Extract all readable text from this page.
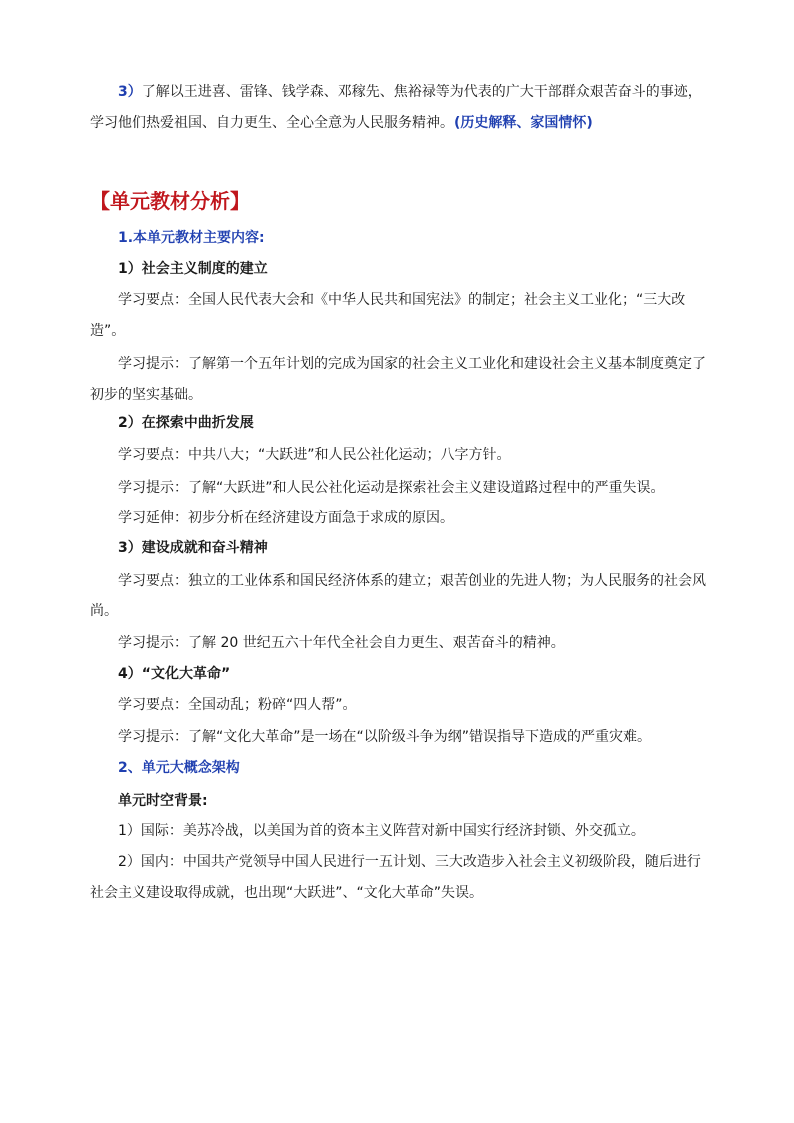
3）了解以王进喜、雷锋、钱学森、邓稼先、焦裕禄等为代表的广大干部群众艰苦奋斗的事迹，
学习他们热爱祖国、自力更生、全心全意为人民服务精神。(历史解释、家国情怀)
【单元教材分析】
1.本单元教材主要内容:
1）社会主义制度的建立
学习要点：全国人民代表大会和《中华人民共和国宪法》的制定；社会主义工业化；“三大改
造”。
学习提示：了解第一个五年计划的完成为国家的社会主义工业化和建设社会主义基本制度奠定了
初步的坚实基础。
2）在探索中曲折发展
学习要点：中共八大；“大跃进”和人民公社化运动；八字方针。
学习提示：了解“大跃进”和人民公社化运动是探索社会主义建设道路过程中的严重失误。
学习延伸：初步分析在经济建设方面急于求成的原因。
3）建设成就和奋斗精神
学习要点：独立的工业体系和国民经济体系的建立；艰苦创业的先进人物；为人民服务的社会风
尚。
学习提示：了解 20 世纪五六十年代全社会自力更生、艰苦奋斗的精神。
4）“文化大革命”
学习要点：全国动乱；粉碎“四人帮”。
学习提示：了解“文化大革命”是一场在“以阶级斗争为纲”错误指导下造成的严重灾难。
2、单元大概念架构
单元时空背景:
1）国际：美苏冷战，以美国为首的资本主义阵营对新中国实行经济封锁、外交孤立。
2）国内：中国共产党领导中国人民进行一五计划、三大改造步入社会主义初级阶段，随后进行
社会主义建设取得成就，也出现“大跃进”、“文化大革命”失误。
